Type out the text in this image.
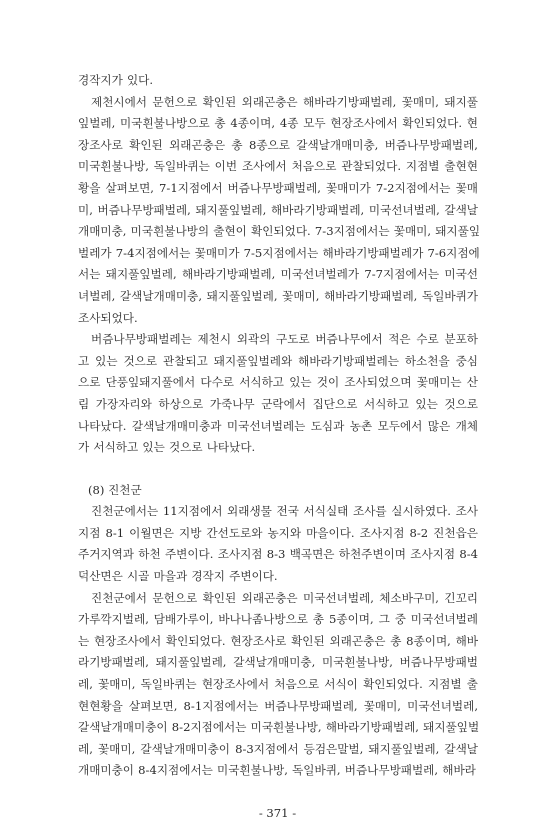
경작지가 있다.

제천시에서 문헌으로 확인된 외래곤충은 해바라기방패벌레, 꽃매미, 돼지풀

잎벌레, 미국흰불나방으로 총 4종이며, 4종 모두 현장조사에서 확인되었다. 현

장조사로 확인된 외래곤충은 총 8종으로 갈색날개매미충, 버즘나무방패벌레,

미국흰불나방, 독일바퀴는 이번 조사에서 처음으로 관찰되었다. 지점별 출현현

황을 살펴보면, 7-1지점에서 버즘나무방패벌레, 꽃매미가 7-2지점에서는 꽃매

미, 버즘나무방패벌레, 돼지풀잎벌레, 해바라기방패벌레, 미국선녀벌레, 갈색날

개매미충, 미국흰불나방의 출현이 확인되었다. 7-3지점에서는 꽃매미, 돼지풀잎

벌레가 7-4지점에서는 꽃매미가 7-5지점에서는 해바라기방패벌레가 7-6지점에

서는 돼지풀잎벌레, 해바라기방패벌레, 미국선녀벌레가 7-7지점에서는 미국선

녀벌레, 갈색날개매미충, 돼지풀잎벌레, 꽃매미, 해바라기방패벌레, 독일바퀴가

조사되었다.

버즘나무방패벌레는 제천시 외곽의 구도로 버즘나무에서 적은 수로 분포하

고 있는 것으로 관찰되고 돼지풀잎벌레와 해바라기방패벌레는 하소천을 중심

으로 단풍잎돼지풀에서 다수로 서식하고 있는 것이 조사되었으며 꽃매미는 산

림 가장자리와 하상으로 가죽나무 군락에서 집단으로 서식하고 있는 것으로

나타났다. 갈색날개매미충과 미국선녀벌레는 도심과 농촌 모두에서 많은 개체

가 서식하고 있는 것으로 나타났다.

(8) 진천군

진천군에서는 11지점에서 외래생물 전국 서식실태 조사를 실시하였다. 조사

지점 8-1 이월면은 지방 간선도로와 농지와 마을이다. 조사지점 8-2 진천읍은

주거지역과 하천 주변이다. 조사지점 8-3 백곡면은 하천주변이며 조사지점 8-4

덕산면은 시골 마을과 경작지 주변이다.

진천군에서 문헌으로 확인된 외래곤충은 미국선녀벌레, 체소바구미, 긴꼬리

가루깍지벌레, 담배가루이, 바나나좀나방으로 총 5종이며, 그 중 미국선녀벌레

는 현장조사에서 확인되었다. 현장조사로 확인된 외래곤충은 총 8종이며, 해바

라기방패벌레, 돼지풀잎벌레, 갈색날개매미충, 미국흰불나방, 버즘나무방패벌

레, 꽃매미, 독일바퀴는 현장조사에서 처음으로 서식이 확인되었다. 지점별 출

현현황을 살펴보면, 8-1지점에서는 버즘나무방패벌레, 꽃매미, 미국선녀벌레,

갈색날개매미충이 8-2지점에서는 미국흰불나방, 해바라기방패벌레, 돼지풀잎벌

레, 꽃매미, 갈색날개매미충이 8-3지점에서 등검은말벌, 돼지풀잎벌레, 갈색날

개매미충이 8-4지점에서는 미국흰불나방, 독일바퀴, 버즘나무방패벌레, 해바라

- 371 -
